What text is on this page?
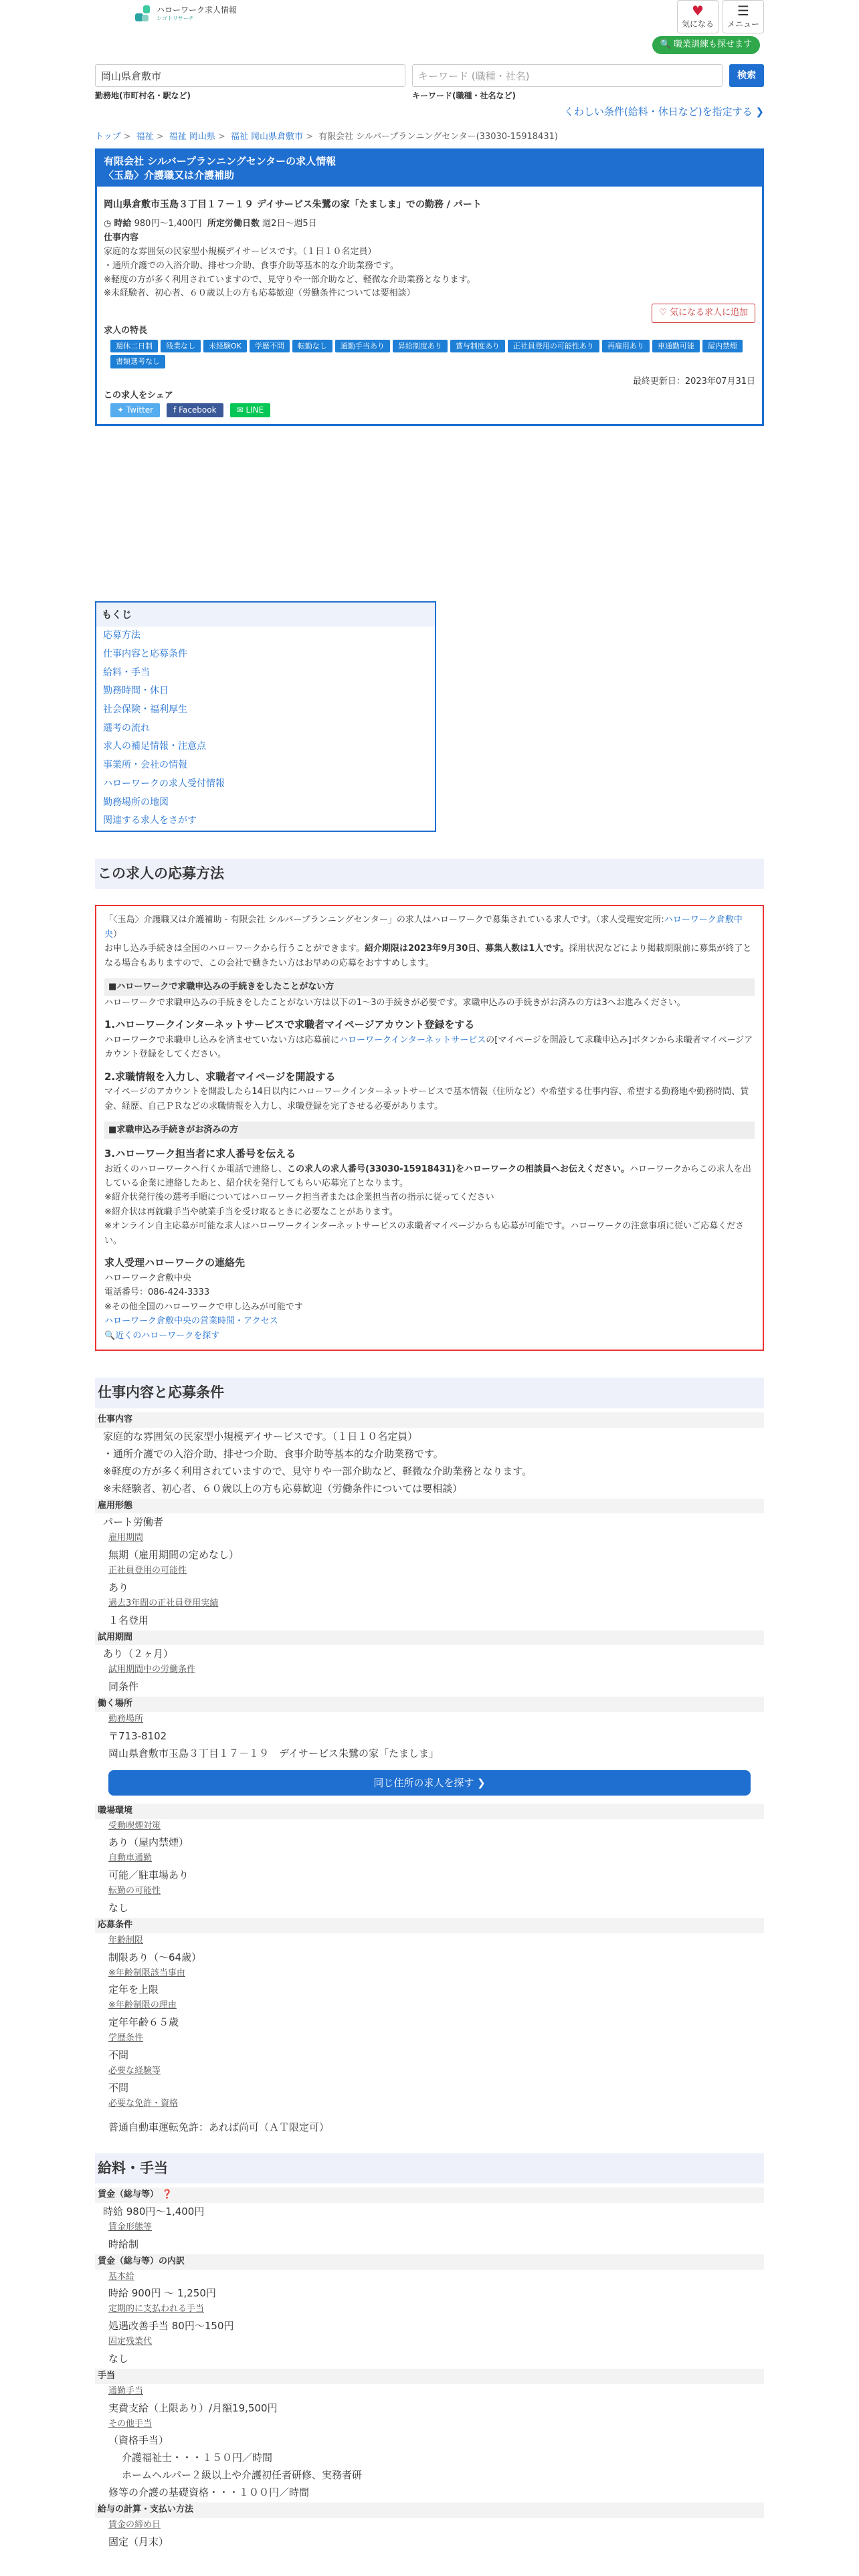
ハローワーク求人情報
シゴトリサーチ	♥
気になる
☰
メニュー
🔍 職業訓練も探せます
岡山県倉敷市
勤務地(市町村名・駅など)
キーワード (職種・社名)
キーワード(職種・社名など)
検索
くわしい条件(給料・休日など)を指定する ❯
トップ > 福祉 > 福祉 岡山県 > 福祉 岡山県倉敷市 > 有限会社 シルバープランニングセンター(33030-15918431)
有限会社 シルバープランニングセンターの求人情報
〈玉島〉介護職又は介護補助
岡山県倉敷市玉島３丁目１７－１９ デイサービス朱鷺の家「たましま」での勤務 / パート
◷ 時給 980円〜1,400円 所定労働日数 週2日〜週5日
仕事内容
家庭的な雰囲気の民家型小規模デイサービスです。（１日１０名定員）
・通所介護での入浴介助、排せつ介助、食事介助等基本的な介助業務です。
※軽度の方が多く利用されていますので、見守りや一部介助など、軽微な介助業務となります。
※未経験者、初心者、６０歳以上の方も応募歓迎（労働条件については要相談）
♡ 気になる求人に追加
求人の特長
週休二日制 残業なし 未経験OK 学歴不問 転勤なし 通勤手当あり 昇給制度あり 賞与制度あり 正社員登用の可能性あり 再雇用あり 車通勤可能 屋内禁煙書類選考なし
最終更新日：2023年07月31日
この求人をシェア
✦ Twitter	f Facebook	✉ LINE
もくじ
応募方法
仕事内容と応募条件
給料・手当
勤務時間・休日
社会保険・福利厚生
選考の流れ
求人の補足情報・注意点
事業所・会社の情報
ハローワークの求人受付情報
勤務場所の地図
関連する求人をさがす
この求人の応募方法
「〈玉島〉介護職又は介護補助 - 有限会社 シルバープランニングセンター」の求人はハローワークで募集されている求人です。（求人受理安定所:ハローワーク倉敷中央）
お申し込み手続きは全国のハローワークから行うことができます。紹介期限は2023年9月30日、募集人数は1人です。採用状況などにより掲載期限前に募集が終了となる場合もありますので、この会社で働きたい方はお早めの応募をおすすめします。
■ハローワークで求職申込みの手続きをしたことがない方
ハローワークで求職申込みの手続きをしたことがない方は以下の1〜3の手続きが必要です。求職申込みの手続きがお済みの方は3へお進みください。
1.ハローワークインターネットサービスで求職者マイページアカウント登録をする
ハローワークで求職申し込みを済ませていない方は応募前にハローワークインターネットサービスの[マイページを開設して求職申込み]ボタンから求職者マイページアカウント登録をしてください。
2.求職情報を入力し、求職者マイページを開設する
マイページのアカウントを開設したら14日以内にハローワークインターネットサービスで基本情報（住所など）や希望する仕事内容、希望する勤務地や勤務時間、賃金、経歴、自己ＰＲなどの求職情報を入力し、求職登録を完了させる必要があります。
■求職申込み手続きがお済みの方
3.ハローワーク担当者に求人番号を伝える
お近くのハローワークへ行くか電話で連絡し、この求人の求人番号(33030-15918431)をハローワークの相談員へお伝えください。ハローワークからこの求人を出している企業に連絡したあと、紹介状を発行してもらい応募完了となります。
※紹介状発行後の選考手順についてはハローワーク担当者または企業担当者の指示に従ってください
※紹介状は再就職手当や就業手当を受け取るときに必要なことがあります。
※オンライン自主応募が可能な求人はハローワークインターネットサービスの求職者マイページからも応募が可能です。ハローワークの注意事項に従いご応募ください。
求人受理ハローワークの連絡先
ハローワーク倉敷中央
電話番号：086-424-3333
※その他全国のハローワークで申し込みが可能です
ハローワーク倉敷中央の営業時間・アクセス
🔍近くのハローワークを探す
仕事内容と応募条件
仕事内容
家庭的な雰囲気の民家型小規模デイサービスです。（１日１０名定員）
・通所介護での入浴介助、排せつ介助、食事介助等基本的な介助業務です。
※軽度の方が多く利用されていますので、見守りや一部介助など、軽微な介助業務となります。
※未経験者、初心者、６０歳以上の方も応募歓迎（労働条件については要相談）
雇用形態
パート労働者
雇用期間
無期（雇用期間の定めなし）
正社員登用の可能性
あり
過去3年間の正社員登用実績
１名登用
試用期間
あり（２ヶ月）
試用期間中の労働条件
同条件
働く場所
勤務場所
〒713-8102
岡山県倉敷市玉島３丁目１７－１９　デイサービス朱鷺の家「たましま」
同じ住所の求人を探す ❯
職場環境
受動喫煙対策
あり（屋内禁煙）
自動車通勤
可能／駐車場あり
転勤の可能性
なし
応募条件
年齢制限
制限あり（〜64歳）
※年齢制限該当事由
定年を上限
※年齢制限の理由
定年年齢６５歳
学歴条件
不問
必要な経験等
不問
必要な免許・資格
普通自動車運転免許：あれば尚可（ＡＴ限定可）
給料・手当
賃金（総与等） ❓
時給 980円〜1,400円
賃金形態等
時給制
賃金（総与等）の内訳
基本給
時給 900円 〜 1,250円
定期的に支払われる手当
処遇改善手当 80円〜150円
固定残業代
なし
手当
通勤手当
実費支給（上限あり）/月額19,500円
その他手当
（資格手当）
介護福祉士・・・１５０円／時間
ホームヘルパー２級以上や介護初任者研修、実務者研
修等の介護の基礎資格・・・１００円／時間
給与の計算・支払い方法
賃金の締め日
固定（月末）
